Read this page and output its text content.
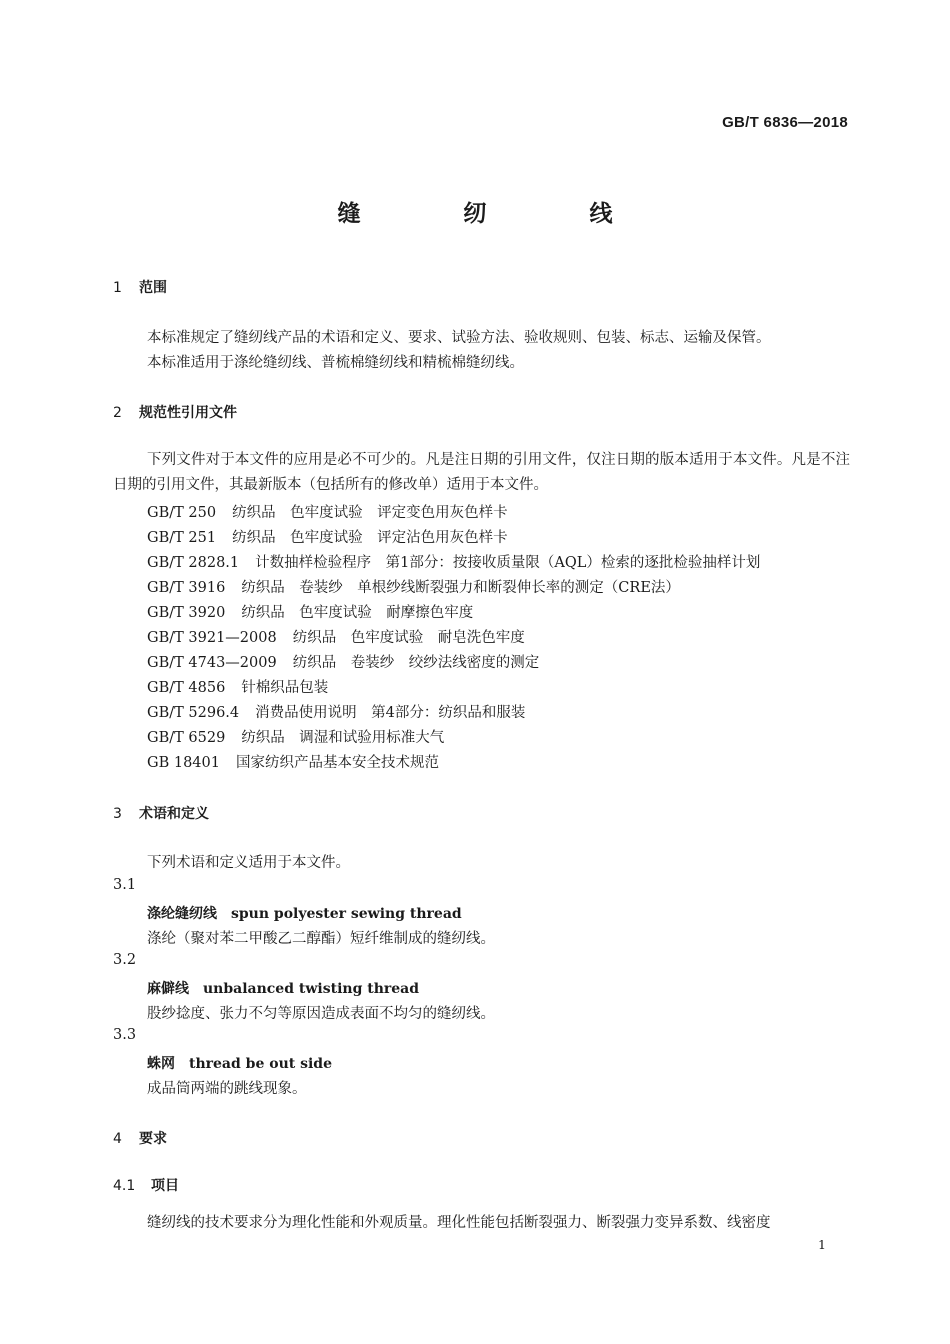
GB/T 6836—2018
缝　纫　线
1 范围
本标准规定了缝纫线产品的术语和定义、要求、试验方法、验收规则、包装、标志、运输及保管。
本标准适用于涤纶缝纫线、普梳棉缝纫线和精梳棉缝纫线。
2 规范性引用文件
下列文件对于本文件的应用是必不可少的。凡是注日期的引用文件，仅注日期的版本适用于本文件。凡是不注日期的引用文件，其最新版本（包括所有的修改单）适用于本文件。
GB/T 250 纺织品　色牢度试验　评定变色用灰色样卡
GB/T 251 纺织品　色牢度试验　评定沾色用灰色样卡
GB/T 2828.1 计数抽样检验程序　第1部分：按接收质量限（AQL）检索的逐批检验抽样计划
GB/T 3916 纺织品　卷装纱　单根纱线断裂强力和断裂伸长率的测定（CRE法）
GB/T 3920 纺织品　色牢度试验　耐摩擦色牢度
GB/T 3921—2008 纺织品　色牢度试验　耐皂洗色牢度
GB/T 4743—2009 纺织品　卷装纱　绞纱法线密度的测定
GB/T 4856 针棉织品包装
GB/T 5296.4 消费品使用说明　第4部分：纺织品和服装
GB/T 6529 纺织品　调湿和试验用标准大气
GB 18401 国家纺织产品基本安全技术规范
3 术语和定义
下列术语和定义适用于本文件。
3.1
涤纶缝纫线 spun polyester sewing thread
涤纶（聚对苯二甲酸乙二醇酯）短纤维制成的缝纫线。
3.2
麻僻线 unbalanced twisting thread
股纱捻度、张力不匀等原因造成表面不均匀的缝纫线。
3.3
蛛网 thread be out side
成品筒两端的跳线现象。
4 要求
4.1 项目
缝纫线的技术要求分为理化性能和外观质量。理化性能包括断裂强力、断裂强力变异系数、线密度
1
